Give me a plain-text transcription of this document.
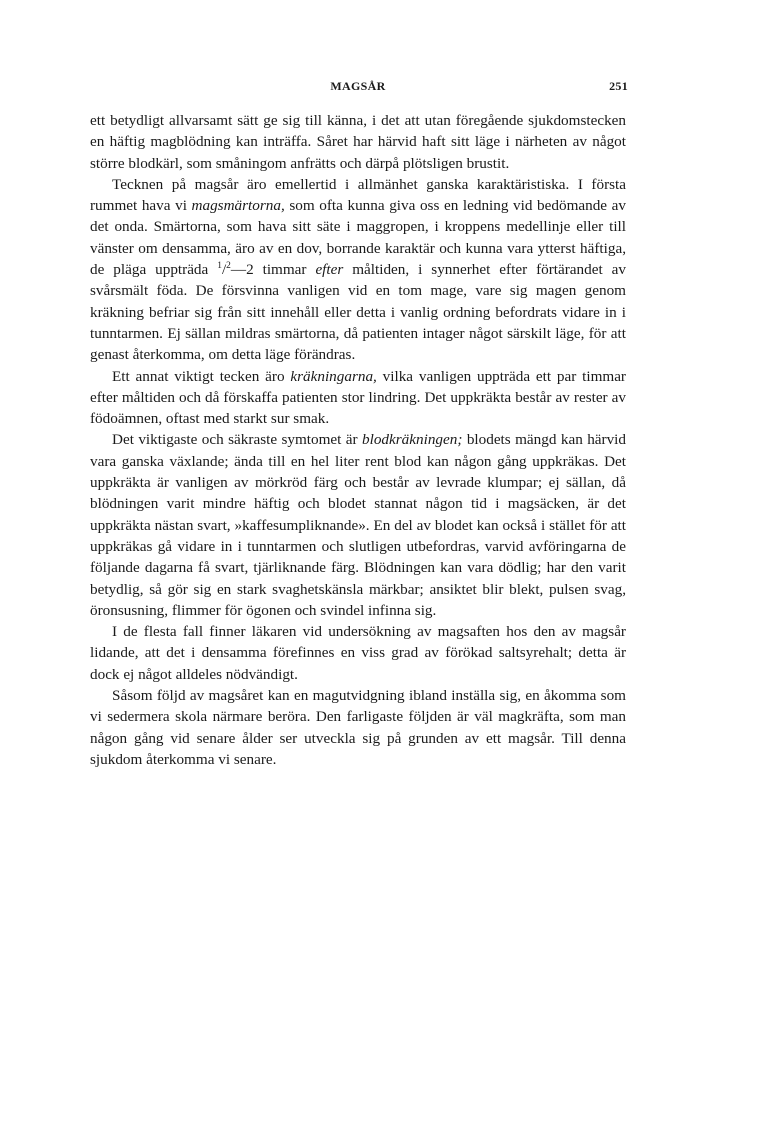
MAGSÅR	251

ett betydligt allvarsamt sätt ge sig till känna, i det att utan föregående sjukdomstecken en häftig magblödning kan inträffa. Såret har härvid haft sitt läge i närheten av något större blodkärl, som småningom anfrätts och därpå plötsligen brustit.

Tecknen på magsår äro emellertid i allmänhet ganska karaktäristiska. I första rummet hava vi magsmärtorna, som ofta kunna giva oss en ledning vid bedömande av det onda. Smärtorna, som hava sitt säte i maggropen, i kroppens medellinje eller till vänster om densamma, äro av en dov, borrande karaktär och kunna vara ytterst häftiga, de pläga uppträda $^1$/$^2$—2 timmar efter måltiden, i synnerhet efter förtärandet av svårsmält föda. De försvinna vanligen vid en tom mage, vare sig magen genom kräkning befriar sig från sitt innehåll eller detta i vanlig ordning befordrats vidare in i tunntarmen. Ej sällan mildras smärtorna, då patienten intager något särskilt läge, för att genast återkomma, om detta läge förändras.

Ett annat viktigt tecken äro kräkningarna, vilka vanligen uppträda ett par timmar efter måltiden och då förskaffa patienten stor lindring. Det uppkräkta består av rester av födoämnen, oftast med starkt sur smak.

Det viktigaste och säkraste symtomet är blodkräkningen; blodets mängd kan härvid vara ganska växlande; ända till en hel liter rent blod kan någon gång uppkräkas. Det uppkräkta är vanligen av mörkröd färg och består av levrade klumpar; ej sällan, då blödningen varit mindre häftig och blodet stannat någon tid i magsäcken, är det uppkräkta nästan svart, »kaffesumpliknande». En del av blodet kan också i stället för att uppkräkas gå vidare in i tunntarmen och slutligen utbefordras, varvid avföringarna de följande dagarna få svart, tjärliknande färg. Blödningen kan vara dödlig; har den varit betydlig, så gör sig en stark svaghetskänsla märkbar; ansiktet blir blekt, pulsen svag, öronsusning, flimmer för ögonen och svindel infinna sig.

I de flesta fall finner läkaren vid undersökning av magsaften hos den av magsår lidande, att det i densamma förefinnes en viss grad av förökad saltsyrehalt; detta är dock ej något alldeles nödvändigt.

Såsom följd av magsåret kan en magutvidgning ibland inställa sig, en åkomma som vi sedermera skola närmare beröra. Den farligaste följden är väl magkräfta, som man någon gång vid senare ålder ser utveckla sig på grunden av ett magsår. Till denna sjukdom återkomma vi senare.
